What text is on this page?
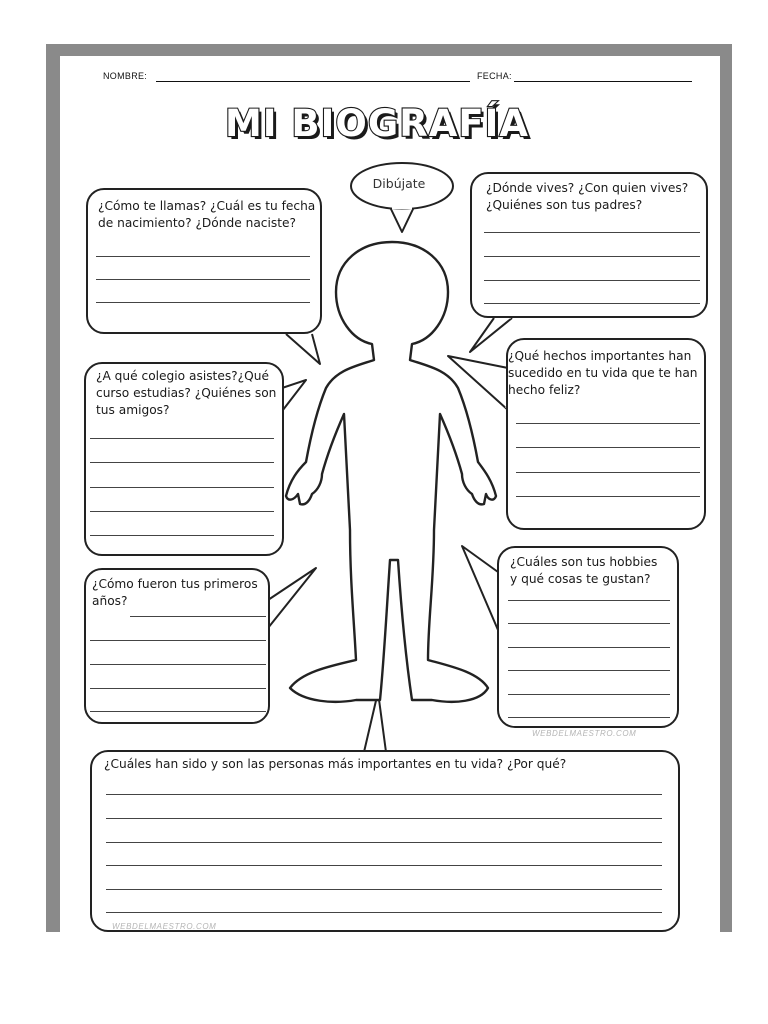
NOMBRE:	FECHA:
MI BIOGRAFÍA
Dibújate
¿Cómo te llamas? ¿Cuál es tu fecha
de nacimiento? ¿Dónde naciste?
¿Dónde vives? ¿Con quien vives?
¿Quiénes son tus padres?
¿A qué colegio asistes?¿Qué
curso estudias? ¿Quiénes son
tus amigos?
¿Qué hechos importantes han
sucedido en tu vida que te han
hecho feliz?
¿Cómo fueron tus primeros
años?
¿Cuáles son tus hobbies
y qué cosas te gustan?
WEBDELMAESTRO.COM
¿Cuáles han sido y son las personas más importantes en tu vida? ¿Por qué?
WEBDELMAESTRO.COM
